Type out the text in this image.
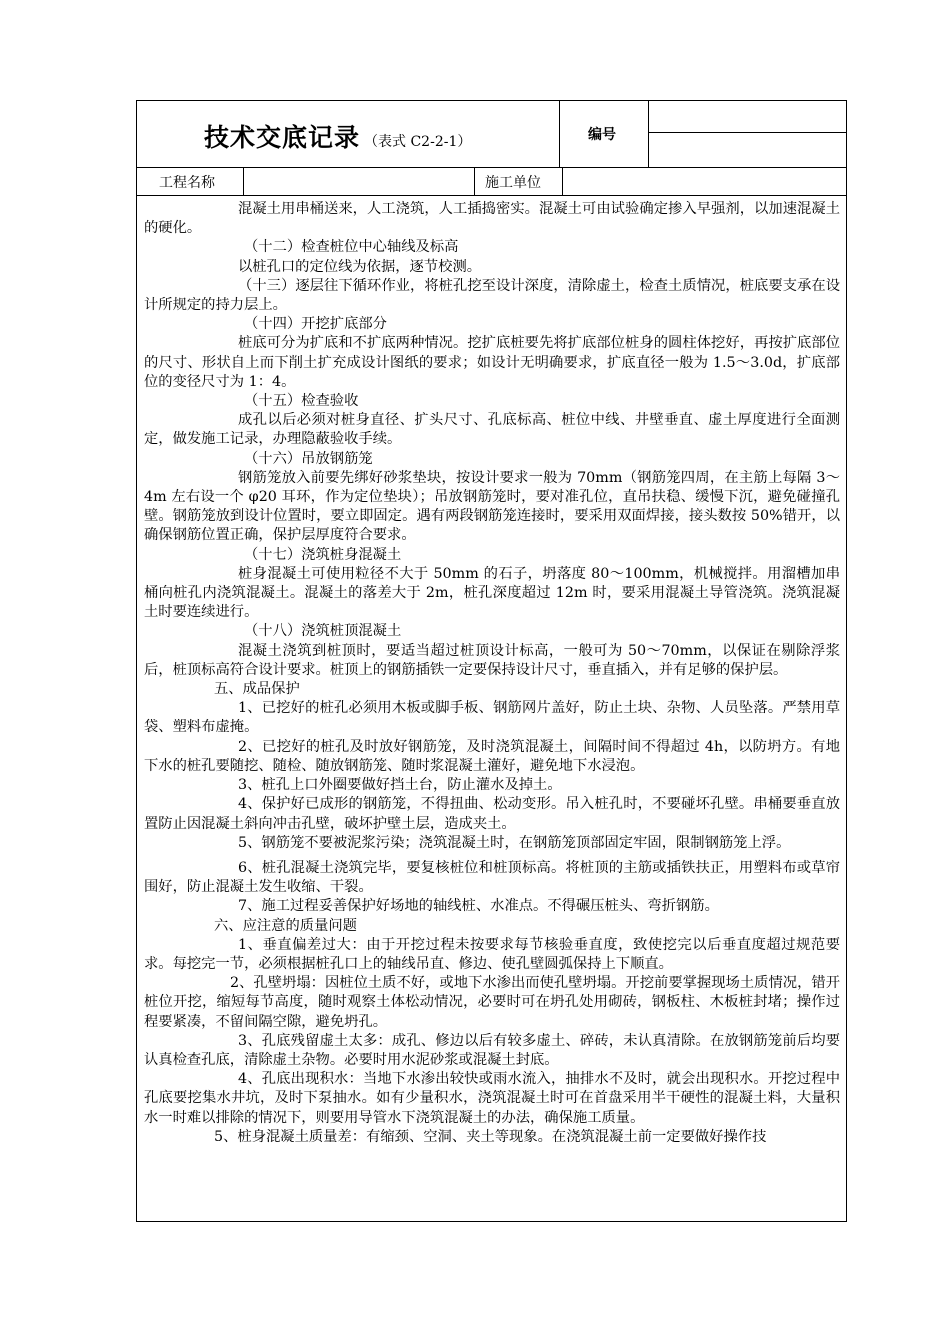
技术交底记录 （表式 C2-2-1）	编号
工程名称	施工单位

混凝土用串桶送来，人工浇筑，人工插捣密实。混凝土可由试验确定掺入早强剂，以加速混凝土的硬化。

（十二）检查桩位中心轴线及标高

以桩孔口的定位线为依据，逐节校测。

（十三）逐层往下循环作业，将桩孔挖至设计深度，清除虚土，检查土质情况，桩底要支承在设计所规定的持力层上。

（十四）开挖扩底部分

桩底可分为扩底和不扩底两种情况。挖扩底桩要先将扩底部位桩身的圆柱体挖好，再按扩底部位的尺寸、形状自上而下削土扩充成设计图纸的要求；如设计无明确要求，扩底直径一般为 1.5～3.0d，扩底部位的变径尺寸为 1：4。

（十五）检查验收

成孔以后必须对桩身直径、扩头尺寸、孔底标高、桩位中线、井壁垂直、虚土厚度进行全面测定，做发施工记录，办理隐蔽验收手续。

（十六）吊放钢筋笼

钢筋笼放入前要先绑好砂浆垫块，按设计要求一般为 70mm（钢筋笼四周，在主筋上每隔 3～4m 左右设一个 φ20 耳环，作为定位垫块）；吊放钢筋笼时，要对准孔位，直吊扶稳、缓慢下沉，避免碰撞孔壁。钢筋笼放到设计位置时，要立即固定。遇有两段钢筋笼连接时，要采用双面焊接，接头数按 50%错开，以确保钢筋位置正确，保护层厚度符合要求。

（十七）浇筑桩身混凝土

桩身混凝土可使用粒径不大于 50mm 的石子，坍落度 80～100mm，机械搅拌。用溜槽加串桶向桩孔内浇筑混凝土。混凝土的落差大于 2m，桩孔深度超过 12m 时，要采用混凝土导管浇筑。浇筑混凝土时要连续进行。

（十八）浇筑桩顶混凝土

混凝土浇筑到桩顶时，要适当超过桩顶设计标高，一般可为 50～70mm，以保证在剔除浮浆后，桩顶标高符合设计要求。桩顶上的钢筋插铁一定要保持设计尺寸，垂直插入，并有足够的保护层。

五、成品保护

1、已挖好的桩孔必须用木板或脚手板、钢筋网片盖好，防止土块、杂物、人员坠落。严禁用草袋、塑料布虚掩。

2、已挖好的桩孔及时放好钢筋笼，及时浇筑混凝土，间隔时间不得超过 4h，以防坍方。有地下水的桩孔要随挖、随检、随放钢筋笼、随时浆混凝土灌好，避免地下水浸泡。

3、桩孔上口外圈要做好挡土台，防止灌水及掉土。

4、保护好已成形的钢筋笼，不得扭曲、松动变形。吊入桩孔时，不要碰坏孔壁。串桶要垂直放置防止因混凝土斜向冲击孔壁，破坏护壁土层，造成夹土。

5、钢筋笼不要被泥浆污染；浇筑混凝土时，在钢筋笼顶部固定牢固，限制钢筋笼上浮。

6、桩孔混凝土浇筑完毕，要复核桩位和桩顶标高。将桩顶的主筋或插铁扶正，用塑料布或草帘围好，防止混凝土发生收缩、干裂。

7、施工过程妥善保护好场地的轴线桩、水准点。不得碾压桩头、弯折钢筋。

六、应注意的质量问题

1、垂直偏差过大：由于开挖过程未按要求每节核验垂直度，致使挖完以后垂直度超过规范要求。每挖完一节，必须根据桩孔口上的轴线吊直、修边、使孔壁圆弧保持上下顺直。

2、孔壁坍塌：因桩位土质不好，或地下水渗出而使孔壁坍塌。开挖前要掌握现场土质情况，错开桩位开挖，缩短每节高度，随时观察土体松动情况，必要时可在坍孔处用砌砖，钢板柱、木板桩封堵；操作过程要紧凑，不留间隔空隙，避免坍孔。

3、孔底残留虚土太多：成孔、修边以后有较多虚土、碎砖，未认真清除。在放钢筋笼前后均要认真检查孔底，清除虚土杂物。必要时用水泥砂浆或混凝土封底。

4、孔底出现积水：当地下水渗出较快或雨水流入，抽排水不及时，就会出现积水。开挖过程中孔底要挖集水井坑，及时下泵抽水。如有少量积水，浇筑混凝土时可在首盘采用半干硬性的混凝土料，大量积水一时难以排除的情况下，则要用导管水下浇筑混凝土的办法，确保施工质量。

5、桩身混凝土质量差：有缩颈、空洞、夹土等现象。在浇筑混凝土前一定要做好操作技
